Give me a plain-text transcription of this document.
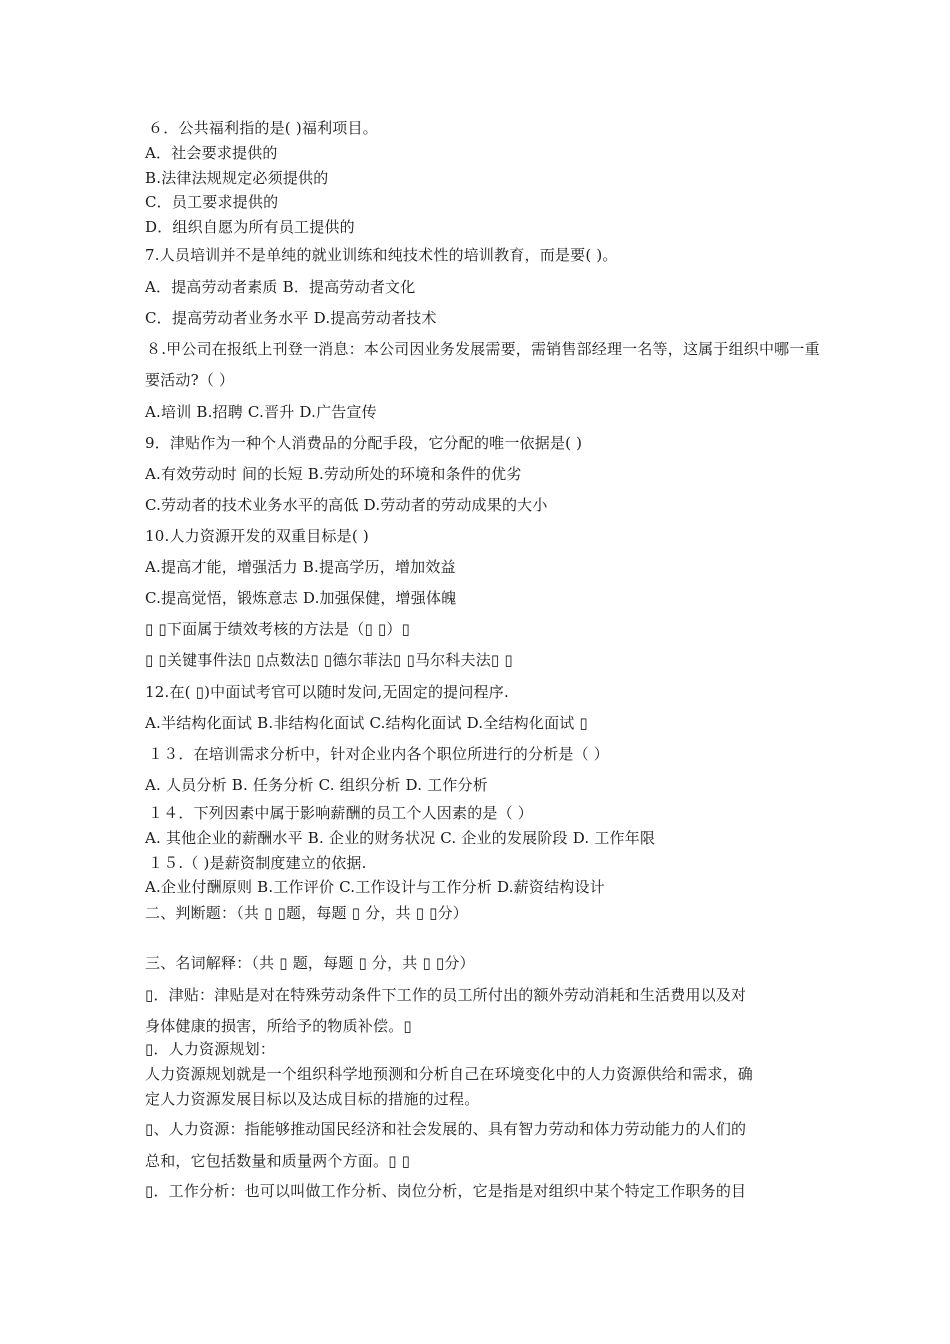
６．公共福利指的是( )福利项目。
A．社会要求提供的
B.法律法规规定必须提供的
C．员工要求提供的
D．组织自愿为所有员工提供的
7.人员培训并不是单纯的就业训练和纯技术性的培训教育，而是要( )。
A．提高劳动者素质 B．提高劳动者文化
C．提高劳动者业务水平 D.提高劳动者技术
８.甲公司在报纸上刊登一消息：本公司因业务发展需要，需销售部经理一名等，这属于组织中哪一重
要活动?（ ）
A.培训 B.招聘 C.晋升 D.广告宣传
9．津贴作为一种个人消费品的分配手段，它分配的唯一依据是( )
A.有效劳动时 间的长短 B.劳动所处的环境和条件的优劣
C.劳动者的技术业务水平的高低 D.劳动者的劳动成果的大小
10.人力资源开发的双重目标是( )
A.提高才能，增强活力 B.提高学历，增加效益
C.提高觉悟，锻炼意志 D.加强保健，增强体魄
▯ ▯下面属于绩效考核的方法是（▯ ▯）▯
▯ ▯关键事件法▯ ▯点数法▯ ▯德尔菲法▯ ▯马尔科夫法▯ ▯
12.在( ▯)中面试考官可以随时发问,无固定的提问程序.
A.半结构化面试 B.非结构化面试 C.结构化面试 D.全结构化面试 ▯
１３．在培训需求分析中，针对企业内各个职位所进行的分析是（ ）
A. 人员分析 B. 任务分析 C. 组织分析 D. 工作分析
１４．下列因素中属于影响薪酬的员工个人因素的是（ ）
A. 其他企业的薪酬水平 B. 企业的财务状况 C. 企业的发展阶段 D. 工作年限
１５.（ )是薪资制度建立的依据.
A.企业付酬原则 B.工作评价 C.工作设计与工作分析 D.薪资结构设计
二、判断题：（共 ▯ ▯题，每题 ▯ 分，共 ▯ ▯分）
三、名词解释：（共 ▯ 题，每题 ▯ 分，共 ▯ ▯分）
▯．津贴：津贴是对在特殊劳动条件下工作的员工所付出的额外劳动消耗和生活费用以及对
身体健康的损害，所给予的物质补偿。▯
▯．人力资源规划：
人力资源规划就是一个组织科学地预测和分析自己在环境变化中的人力资源供给和需求，确
定人力资源发展目标以及达成目标的措施的过程。
▯、人力资源：指能够推动国民经济和社会发展的、具有智力劳动和体力劳动能力的人们的
总和，它包括数量和质量两个方面。▯ ▯
▯．工作分析：也可以叫做工作分析、岗位分析，它是指是对组织中某个特定工作职务的目
